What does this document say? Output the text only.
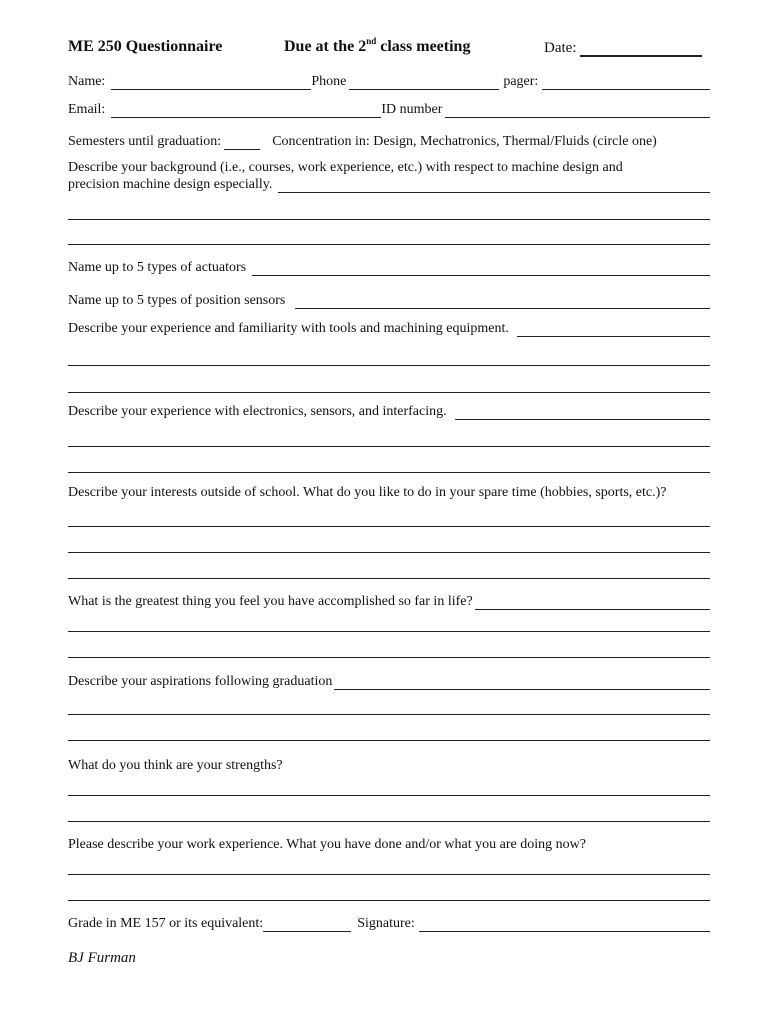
ME 250 Questionnaire	Due at the 2nd class meeting	Date:
Name:	Phone	pager:
Email:	ID number
Semesters until graduation:	Concentration in: Design, Mechatronics, Thermal/Fluids (circle one)
Describe your background (i.e., courses, work experience, etc.) with respect to machine design and
precision machine design especially.
Name up to 5 types of actuators
Name up to 5 types of position sensors
Describe your experience and familiarity with tools and machining equipment.
Describe your experience with electronics, sensors, and interfacing.
Describe your interests outside of school. What do you like to do in your spare time (hobbies, sports, etc.)?
What is the greatest thing you feel you have accomplished so far in life?
Describe your aspirations following graduation
What do you think are your strengths?
Please describe your work experience. What you have done and/or what you are doing now?
Grade in ME 157 or its equivalent:	Signature:
BJ Furman
